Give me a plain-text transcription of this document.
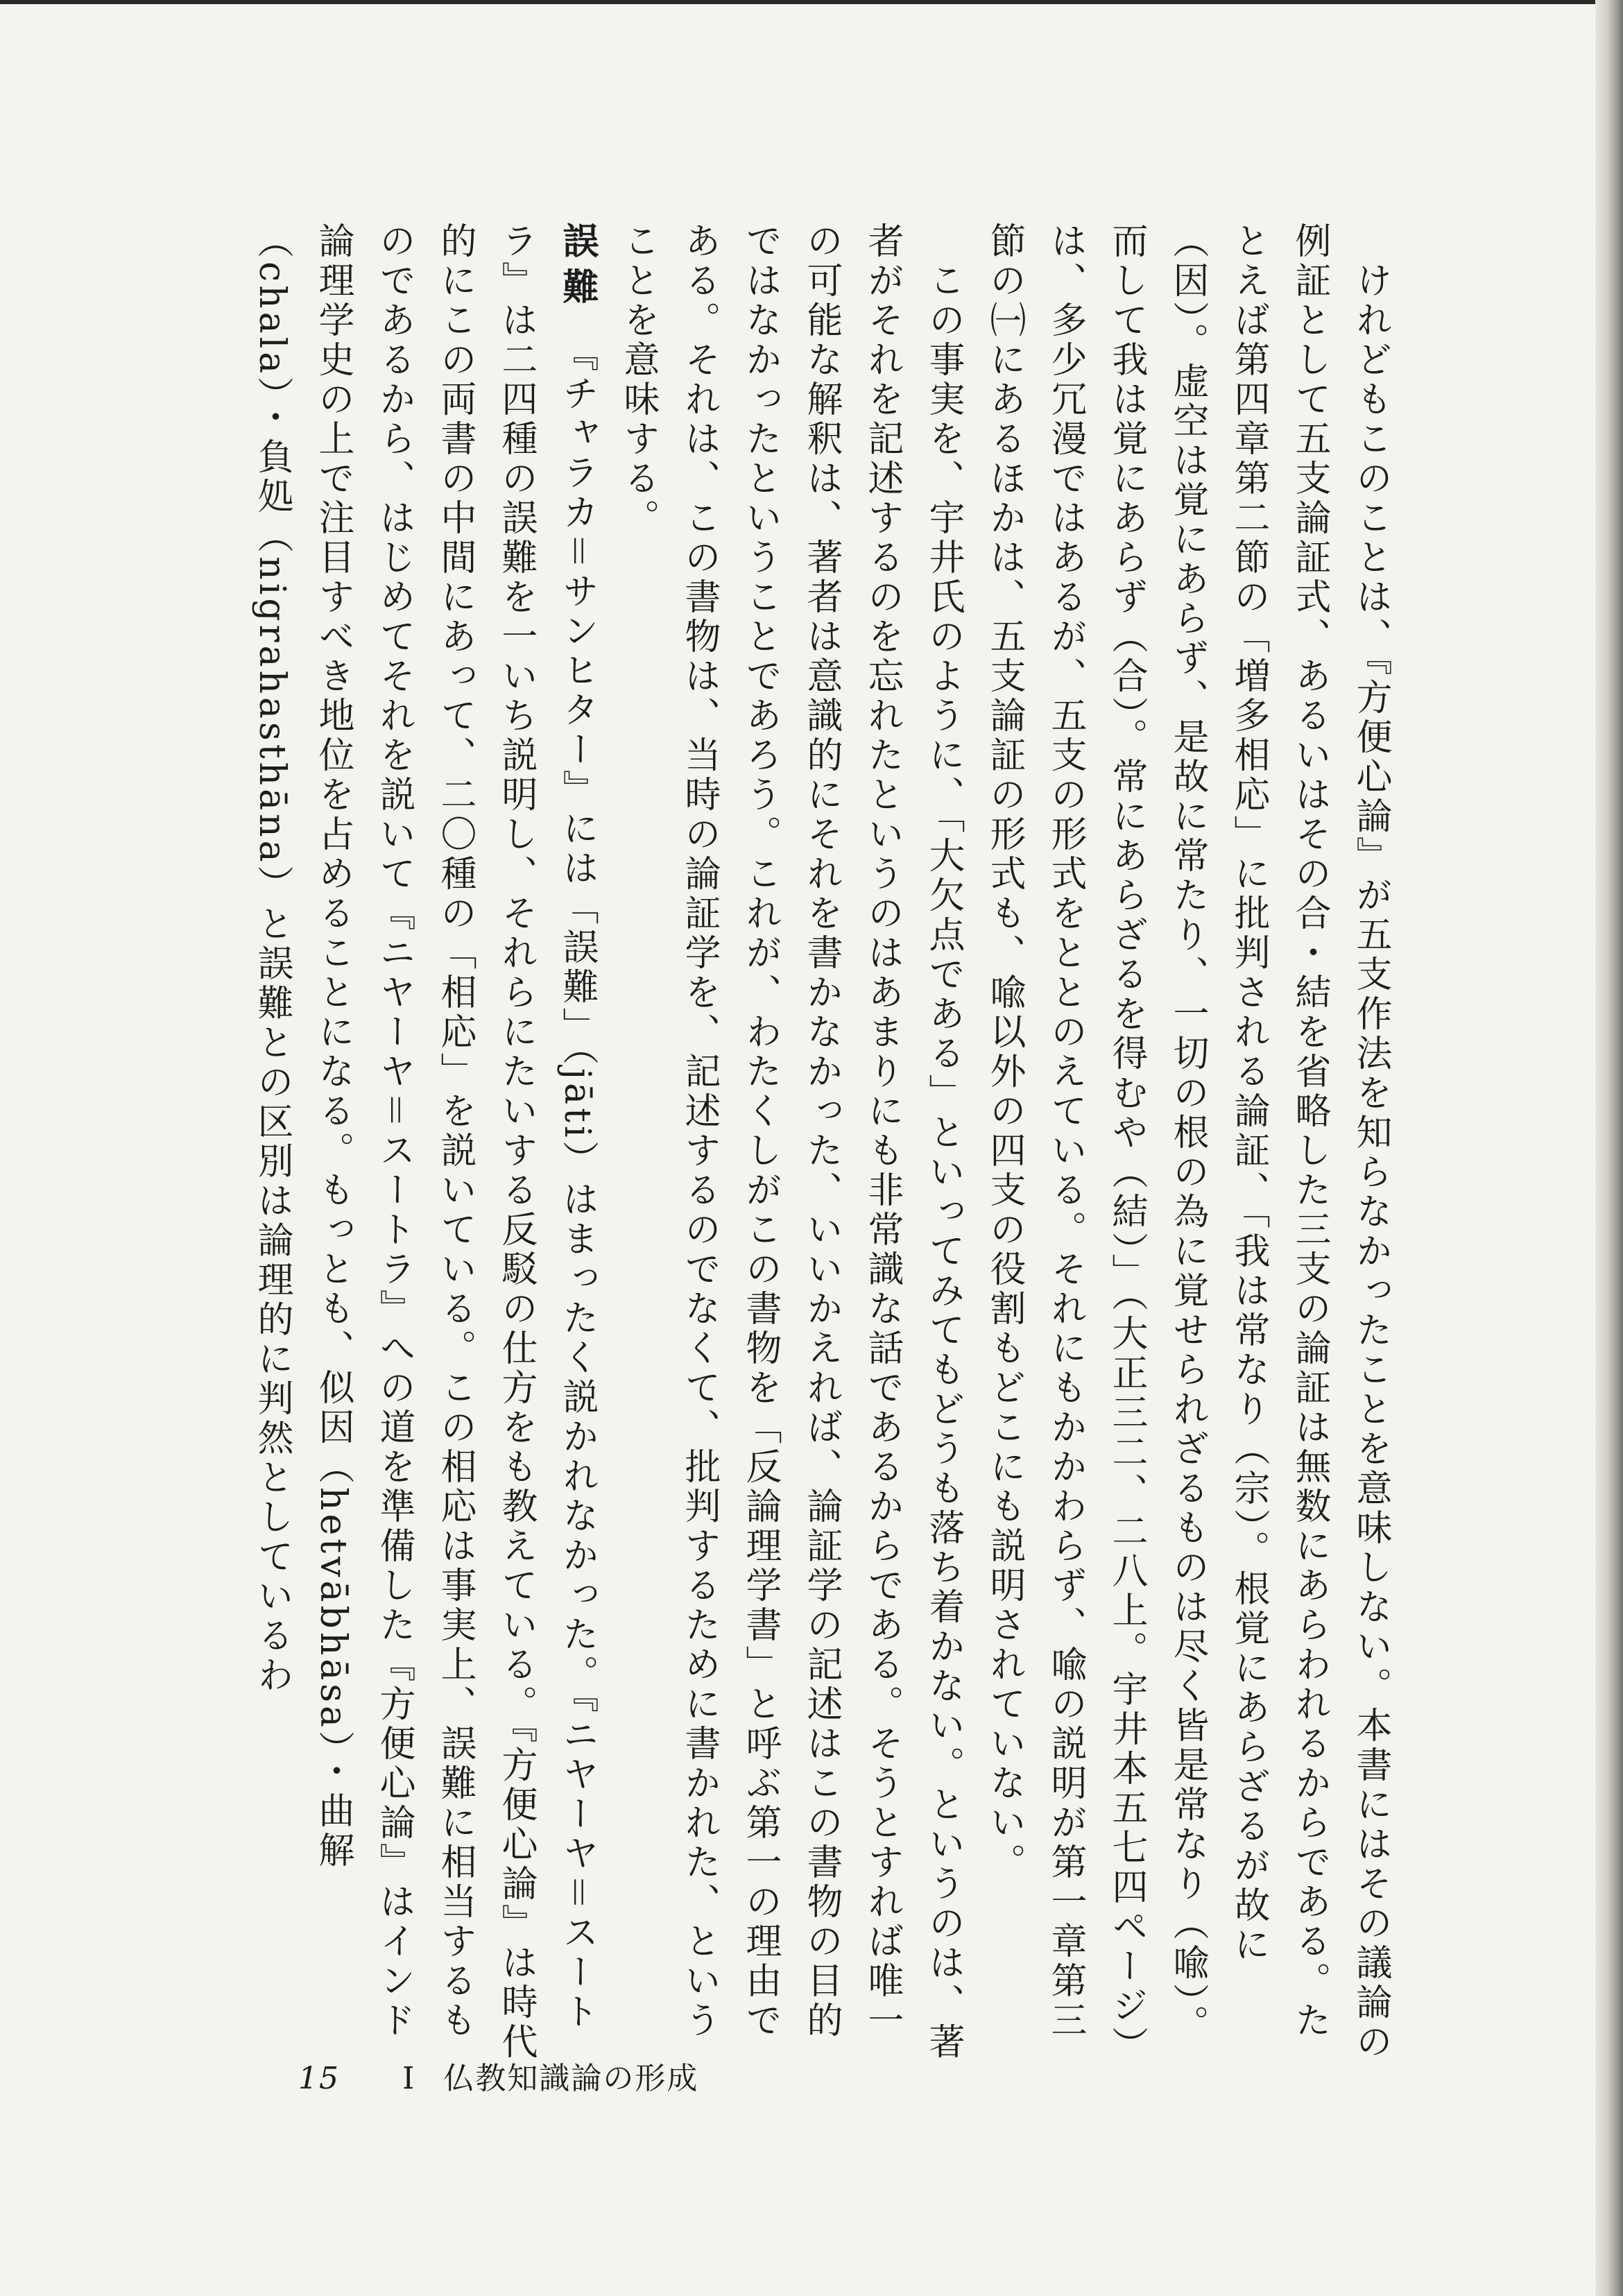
　けれどもこのことは、『方便心論』が五支作法を知らなかったことを意味しない。本書にはその議論の例証として五支論証式、あるいはその合・結を省略した三支の論証は無数にあらわれるからである。たとえば第四章第二節の「増多相応」に批判される論証、「我は常なり（宗）。根覚にあらざるが故に（因）。虚空は覚にあらず、是故に常たり、一切の根の為に覚せられざるものは尽く皆是常なり（喩）。而して我は覚にあらず（合）。常にあらざるを得むや（結）」（大正三二、二八上。宇井本五七四ページ）は、多少冗漫ではあるが、五支の形式をととのえている。それにもかかわらず、喩の説明が第一章第三節の㈠にあるほかは、五支論証の形式も、喩以外の四支の役割もどこにも説明されていない。

　この事実を、宇井氏のように、「大欠点である」といってみてもどうも落ち着かない。というのは、著者がそれを記述するのを忘れたというのはあまりにも非常識な話であるからである。そうとすれば唯一の可能な解釈は、著者は意識的にそれを書かなかった、いいかえれば、論証学の記述はこの書物の目的ではなかったということであろう。これが、わたくしがこの書物を「反論理学書」と呼ぶ第一の理由である。それは、この書物は、当時の論証学を、記述するのでなくて、批判するために書かれた、ということを意味する。

誤難　『チャラカ＝サンヒター』には「誤難」（jāti）はまったく説かれなかった。『ニヤーヤ＝スートラ』は二四種の誤難を一いち説明し、それらにたいする反駁の仕方をも教えている。『方便心論』は時代的にこの両書の中間にあって、二〇種の「相応」を説いている。この相応は事実上、誤難に相当するものであるから、はじめてそれを説いて『ニヤーヤ＝スートラ』への道を準備した『方便心論』はインド論理学史の上で注目すべき地位を占めることになる。もっとも、似因（hetvābhāsa）・曲解（chala）・負処（nigrahasthāna）と誤難との区別は論理的に判然としているわ

15 I 仏教知識論の形成
